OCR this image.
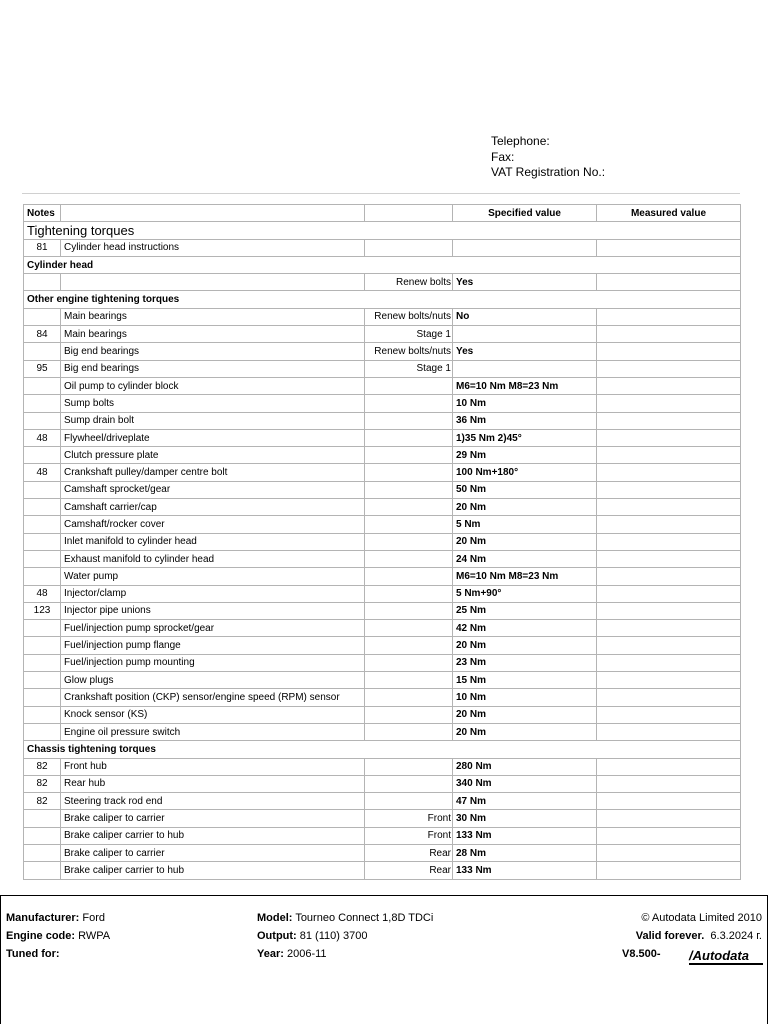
Telephone:
Fax:
VAT Registration No.:
Notes			Specified value	Measured value
Tightening torques				
81	Cylinder head instructions			
Cylinder head				
		Renew bolts	Yes	
Other engine tightening torques				
	Main bearings	Renew bolts/nuts	No	
84	Main bearings	Stage 1		
	Big end bearings	Renew bolts/nuts	Yes	
95	Big end bearings	Stage 1		
	Oil pump to cylinder block		M6=10 Nm M8=23 Nm	
	Sump bolts		10 Nm	
	Sump drain bolt		36 Nm	
48	Flywheel/driveplate		1)35 Nm 2)45°	
	Clutch pressure plate		29 Nm	
48	Crankshaft pulley/damper centre bolt		100 Nm+180°	
	Camshaft sprocket/gear		50 Nm	
	Camshaft carrier/cap		20 Nm	
	Camshaft/rocker cover		5 Nm	
	Inlet manifold to cylinder head		20 Nm	
	Exhaust manifold to cylinder head		24 Nm	
	Water pump		M6=10 Nm M8=23 Nm	
48	Injector/clamp		5 Nm+90°	
123	Injector pipe unions		25 Nm	
	Fuel/injection pump sprocket/gear		42 Nm	
	Fuel/injection pump flange		20 Nm	
	Fuel/injection pump mounting		23 Nm	
	Glow plugs		15 Nm	
	Crankshaft position (CKP) sensor/engine speed (RPM) sensor		10 Nm	
	Knock sensor (KS)		20 Nm	
	Engine oil pressure switch		20 Nm	
Chassis tightening torques				
82	Front hub		280 Nm	
82	Rear hub		340 Nm	
82	Steering track rod end		47 Nm	
	Brake caliper to carrier	Front	30 Nm	
	Brake caliper carrier to hub	Front	133 Nm	
	Brake caliper to carrier	Rear	28 Nm	
	Brake caliper carrier to hub	Rear	133 Nm	
Manufacturer: Ford
Engine code: RWPA
Tuned for:
Model: Tourneo Connect 1,8D TDCi
Output: 81 (110) 3700
Year: 2006-11
© Autodata Limited 2010
Valid forever. 6.3.2024 г.
V8.500- /Autodata
